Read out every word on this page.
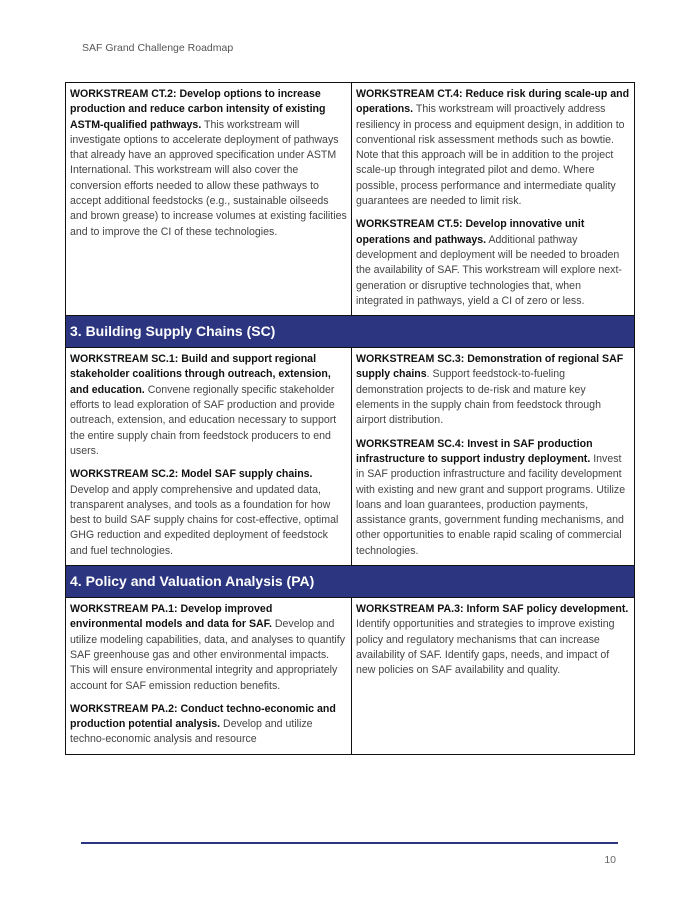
SAF Grand Challenge Roadmap

WORKSTREAM CT.2: Develop options to increase production and reduce carbon intensity of existing ASTM-qualified pathways. This workstream will investigate options to accelerate deployment of pathways that already have an approved specification under ASTM International. This workstream will also cover the conversion efforts needed to allow these pathways to accept additional feedstocks (e.g., sustainable oilseeds and brown grease) to increase volumes at existing facilities and to improve the CI of these technologies.

WORKSTREAM CT.4: Reduce risk during scale-up and operations. This workstream will proactively address resiliency in process and equipment design, in addition to conventional risk assessment methods such as bowtie. Note that this approach will be in addition to the project scale-up through integrated pilot and demo. Where possible, process performance and intermediate quality guarantees are needed to limit risk.

WORKSTREAM CT.5: Develop innovative unit operations and pathways. Additional pathway development and deployment will be needed to broaden the availability of SAF. This workstream will explore next-generation or disruptive technologies that, when integrated in pathways, yield a CI of zero or less.

3. Building Supply Chains (SC)	

WORKSTREAM SC.1: Build and support regional stakeholder coalitions through outreach, extension, and education. Convene regionally specific stakeholder efforts to lead exploration of SAF production and provide outreach, extension, and education necessary to support the entire supply chain from feedstock producers to end users.

WORKSTREAM SC.2: Model SAF supply chains. Develop and apply comprehensive and updated data, transparent analyses, and tools as a foundation for how best to build SAF supply chains for cost-effective, optimal GHG reduction and expedited deployment of feedstock and fuel technologies.

WORKSTREAM SC.3: Demonstration of regional SAF supply chains. Support feedstock-to-fueling demonstration projects to de-risk and mature key elements in the supply chain from feedstock through airport distribution.

WORKSTREAM SC.4: Invest in SAF production infrastructure to support industry deployment. Invest in SAF production infrastructure and facility development with existing and new grant and support programs. Utilize loans and loan guarantees, production payments, assistance grants, government funding mechanisms, and other opportunities to enable rapid scaling of commercial technologies.

4. Policy and Valuation Analysis (PA)	

WORKSTREAM PA.1: Develop improved environmental models and data for SAF. Develop and utilize modeling capabilities, data, and analyses to quantify SAF greenhouse gas and other environmental impacts. This will ensure environmental integrity and appropriately account for SAF emission reduction benefits.

WORKSTREAM PA.2: Conduct techno-economic and production potential analysis. Develop and utilize techno-economic analysis and resource

WORKSTREAM PA.3: Inform SAF policy development. Identify opportunities and strategies to improve existing policy and regulatory mechanisms that can increase availability of SAF. Identify gaps, needs, and impact of new policies on SAF availability and quality.

10
